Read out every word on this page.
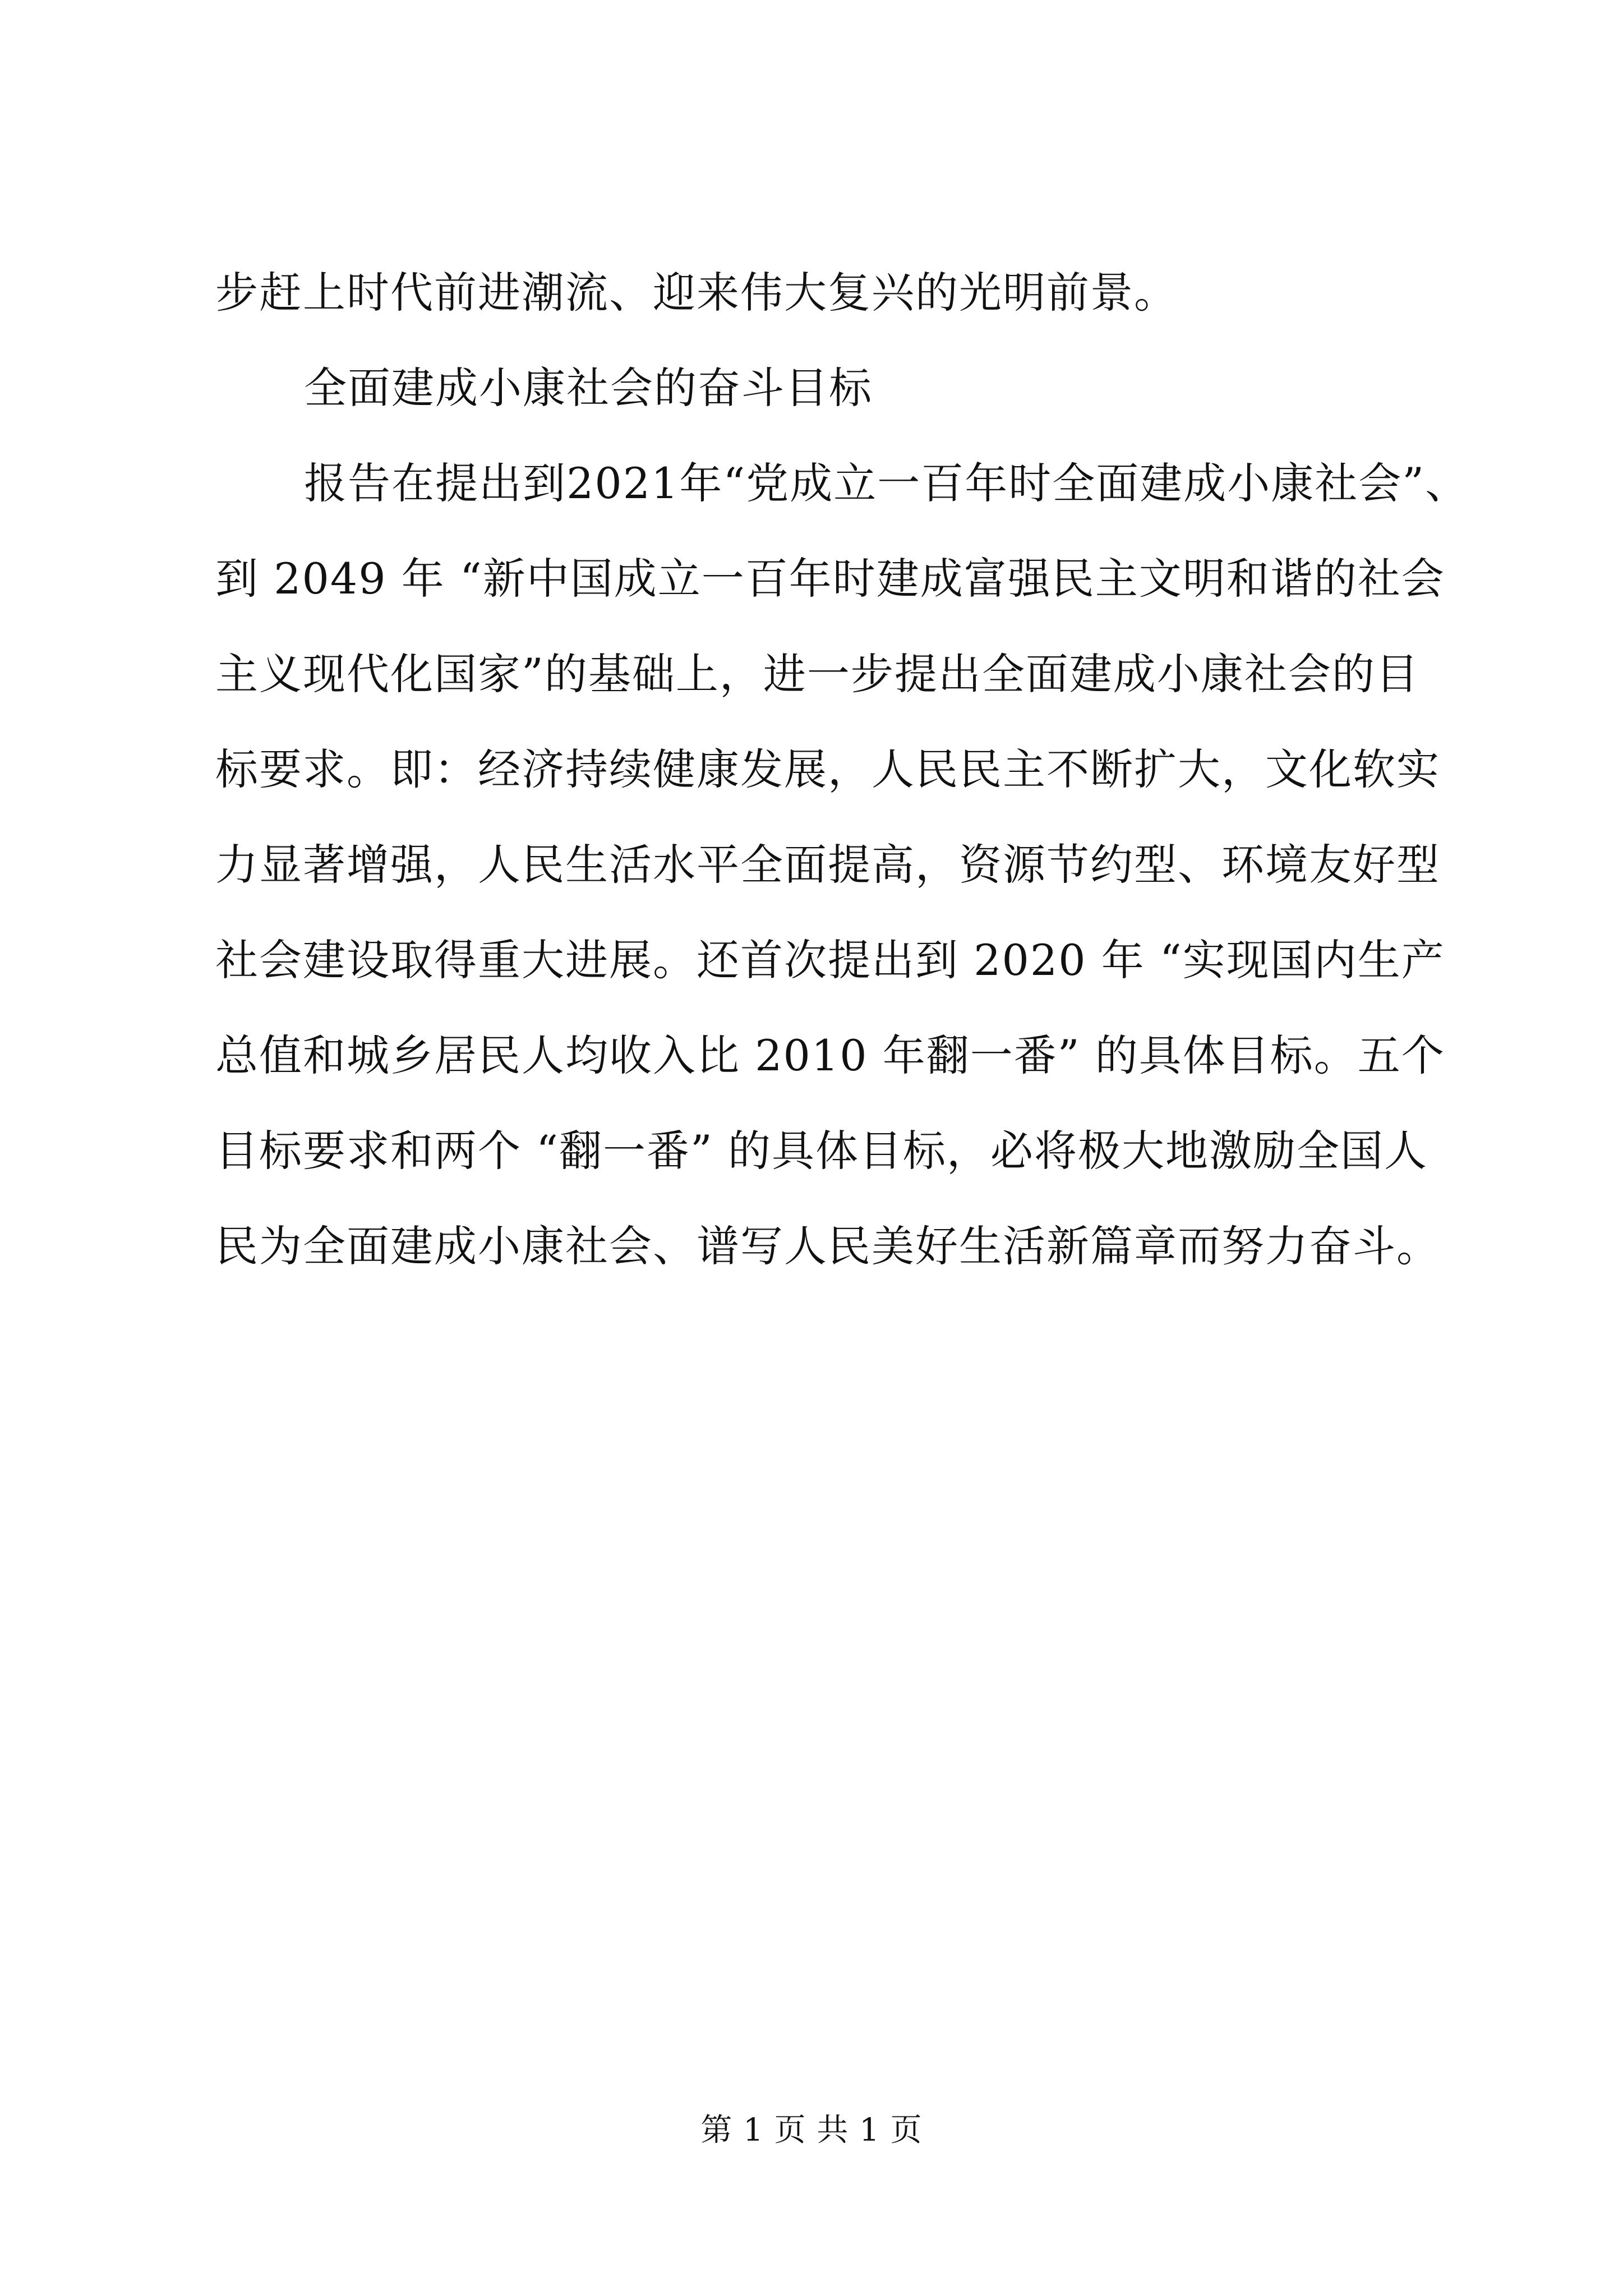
步赶上时代前进潮流、迎来伟大复兴的光明前景。
全面建成小康社会的奋斗目标
报告在提出到2021年“党成立一百年时全面建成小康社会”、
到 2049 年 “新中国成立一百年时建成富强民主文明和谐的社会
主义现代化国家”的基础上，进一步提出全面建成小康社会的目
标要求。即：经济持续健康发展，人民民主不断扩大，文化软实
力显著增强，人民生活水平全面提高，资源节约型、环境友好型
社会建设取得重大进展。还首次提出到 2020 年 “实现国内生产
总值和城乡居民人均收入比 2010 年翻一番” 的具体目标。五个
目标要求和两个 “翻一番” 的具体目标，必将极大地激励全国人
民为全面建成小康社会、谱写人民美好生活新篇章而努力奋斗。
第 1 页 共 1 页
